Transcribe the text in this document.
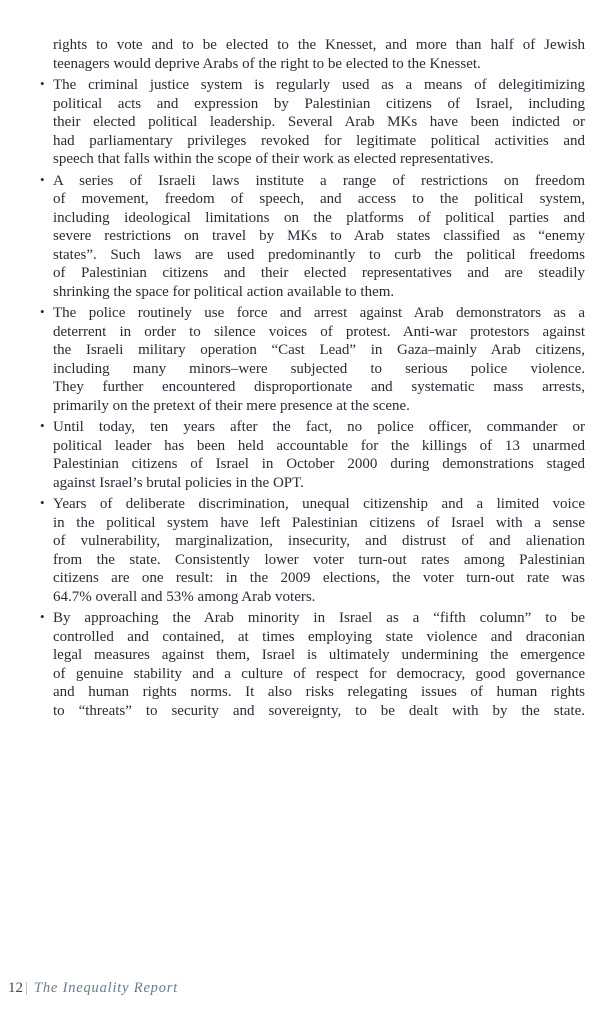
rights to vote and to be elected to the Knesset, and more than half of Jewish
teenagers would deprive Arabs of the right to be elected to the Knesset.
• The criminal justice system is regularly used as a means of delegitimizing
political acts and expression by Palestinian citizens of Israel, including
their elected political leadership. Several Arab MKs have been indicted or
had parliamentary privileges revoked for legitimate political activities and
speech that falls within the scope of their work as elected representatives.
• A series of Israeli laws institute a range of restrictions on freedom
of movement, freedom of speech, and access to the political system,
including ideological limitations on the platforms of political parties and
severe restrictions on travel by MKs to Arab states classified as “enemy
states”. Such laws are used predominantly to curb the political freedoms
of Palestinian citizens and their elected representatives and are steadily
shrinking the space for political action available to them.
• The police routinely use force and arrest against Arab demonstrators as a
deterrent in order to silence voices of protest. Anti-war protestors against
the Israeli military operation “Cast Lead” in Gaza–mainly Arab citizens,
including many minors–were subjected to serious police violence.
They further encountered disproportionate and systematic mass arrests,
primarily on the pretext of their mere presence at the scene.
• Until today, ten years after the fact, no police officer, commander or
political leader has been held accountable for the killings of 13 unarmed
Palestinian citizens of Israel in October 2000 during demonstrations staged
against Israel’s brutal policies in the OPT.
• Years of deliberate discrimination, unequal citizenship and a limited voice
in the political system have left Palestinian citizens of Israel with a sense
of vulnerability, marginalization, insecurity, and distrust of and alienation
from the state. Consistently lower voter turn-out rates among Palestinian
citizens are one result: in the 2009 elections, the voter turn-out rate was
64.7% overall and 53% among Arab voters.
• By approaching the Arab minority in Israel as a “fifth column” to be
controlled and contained, at times employing state violence and draconian
legal measures against them, Israel is ultimately undermining the emergence
of genuine stability and a culture of respect for democracy, good governance
and human rights norms. It also risks relegating issues of human rights
to “threats” to security and sovereignty, to be dealt with by the state.
12 The Inequality Report
